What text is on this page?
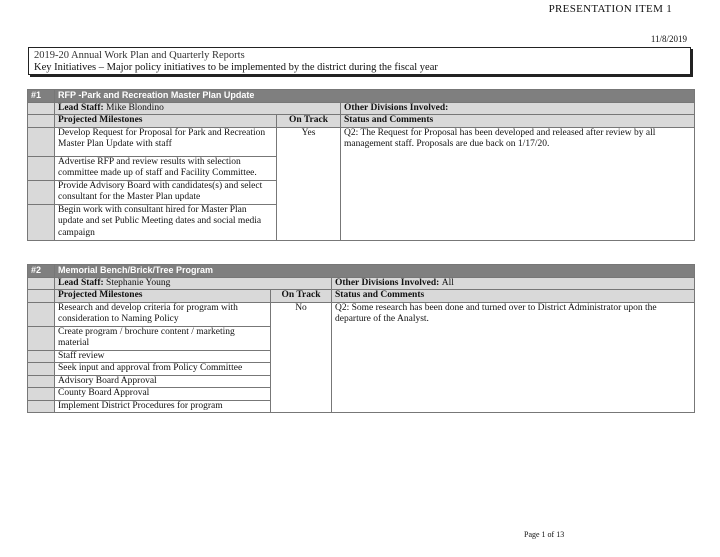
PRESENTATION ITEM 1
11/8/2019
2019-20 Annual Work Plan and Quarterly Reports
Key Initiatives – Major policy initiatives to be implemented by the district during the fiscal year
#1	RFP -Park and Recreation Master Plan Update		
	Lead Staff: Mike Blondino		Other Divisions Involved:
	Projected Milestones	On Track	Status and Comments
	Develop Request for Proposal for Park and Recreation Master Plan Update with staff	Yes	Q2: The Request for Proposal has been developed and released after review by all management staff. Proposals are due back on 1/17/20.
	Advertise RFP and review results with selection committee made up of staff and Facility Committee.		
	Provide Advisory Board with candidates(s) and select consultant for the Master Plan update		
	Begin work with consultant hired for Master Plan update and set Public Meeting dates and social media campaign		
#2	Memorial Bench/Brick/Tree Program		
	Lead Staff: Stephanie Young		Other Divisions Involved: All
	Projected Milestones	On Track	Status and Comments
	Research and develop criteria for program with consideration to Naming Policy	No	Q2: Some research has been done and turned over to District Administrator upon the departure of the Analyst.
	Create program / brochure content / marketing material		
	Staff review		
	Seek input and approval from Policy Committee		
	Advisory Board Approval		
	County Board Approval		
	Implement District Procedures for program		
Page 1 of 13
